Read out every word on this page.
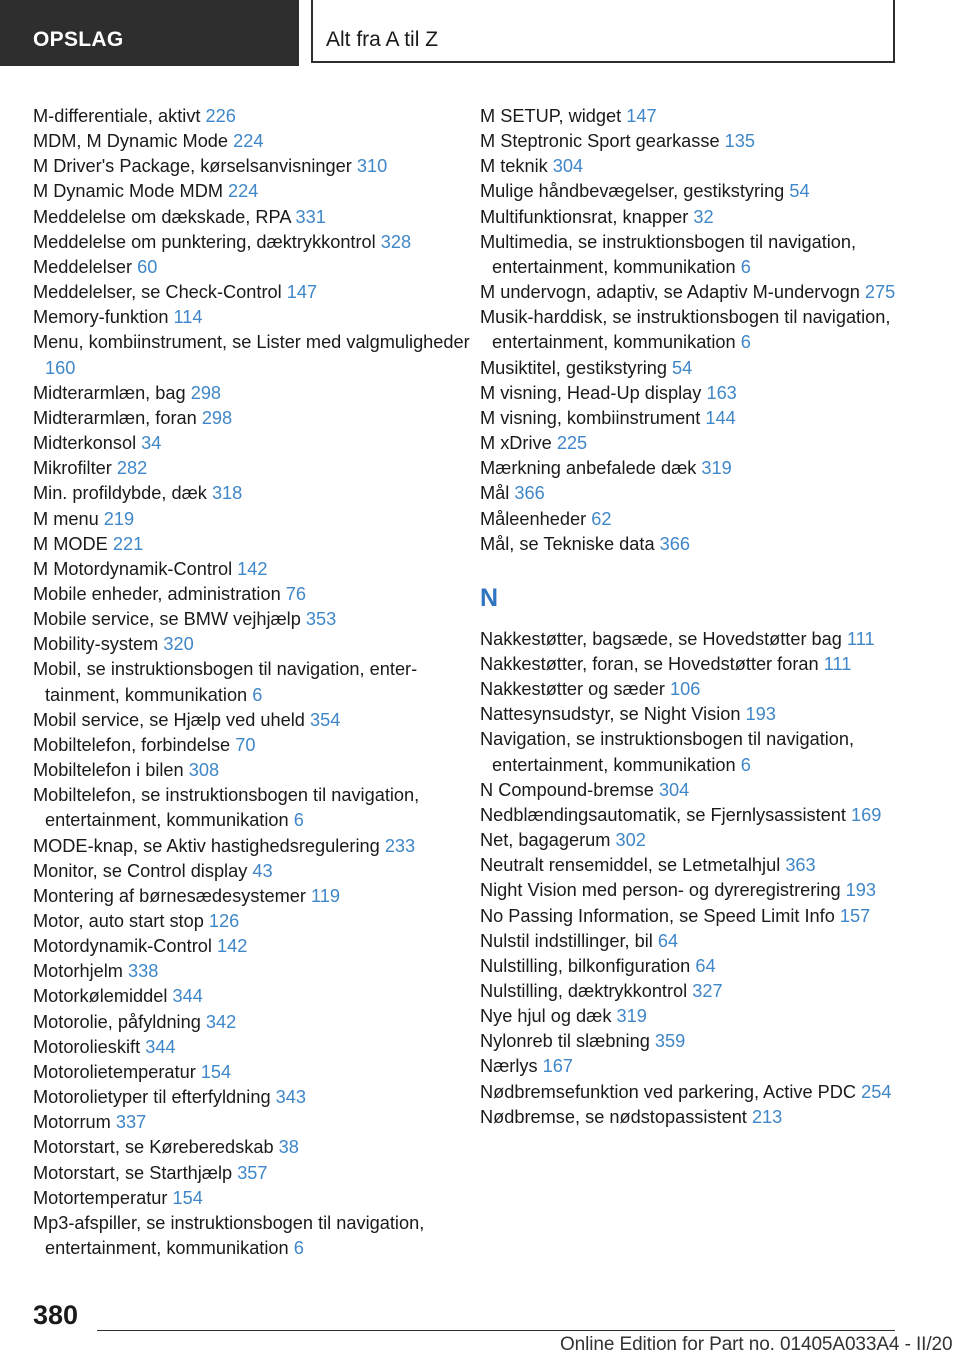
OPSLAG	Alt fra A til Z
M-differentiale, aktivt 226
MDM, M Dynamic Mode 224
M Driver's Package, kørselsanvisninger 310
M Dynamic Mode MDM 224
Meddelelse om dækskade, RPA 331
Meddelelse om punktering, dæktrykkontrol 328
Meddelelser 60
Meddelelser, se Check-Control 147
Memory-funktion 114
Menu, kombiinstrument, se Lister med valgmuligheder 160
Midterarmlæn, bag 298
Midterarmlæn, foran 298
Midterkonsol 34
Mikrofilter 282
Min. profildybde, dæk 318
M menu 219
M MODE 221
M Motordynamik-Control 142
Mobile enheder, administration 76
Mobile service, se BMW vejhjælp 353
Mobility-system 320
Mobil, se instruktionsbogen til navigation, entertainment, kommunikation 6
Mobil service, se Hjælp ved uheld 354
Mobiltelefon, forbindelse 70
Mobiltelefon i bilen 308
Mobiltelefon, se instruktionsbogen til navigation, entertainment, kommunikation 6
MODE-knap, se Aktiv hastighedsregulering 233
Monitor, se Control display 43
Montering af børnesædesystemer 119
Motor, auto start stop 126
Motordynamik-Control 142
Motorhjelm 338
Motorkølemiddel 344
Motorolie, påfyldning 342
Motorolieskift 344
Motorolietemperatur 154
Motorolietyper til efterfyldning 343
Motorrum 337
Motorstart, se Køreberedskab 38
Motorstart, se Starthjælp 357
Motortemperatur 154
Mp3-afspiller, se instruktionsbogen til navigation, entertainment, kommunikation 6
M SETUP, widget 147
M Steptronic Sport gearkasse 135
M teknik 304
Mulige håndbevægelser, gestikstyring 54
Multifunktionsrat, knapper 32
Multimedia, se instruktionsbogen til navigation, entertainment, kommunikation 6
M undervogn, adaptiv, se Adaptiv M-undervogn 275
Musik-harddisk, se instruktionsbogen til navigation, entertainment, kommunikation 6
Musiktitel, gestikstyring 54
M visning, Head-Up display 163
M visning, kombiinstrument 144
M xDrive 225
Mærkning anbefalede dæk 319
Mål 366
Måleenheder 62
Mål, se Tekniske data 366
N
Nakkestøtter, bagsæde, se Hovedstøtter bag 111
Nakkestøtter, foran, se Hovedstøtter foran 111
Nakkestøtter og sæder 106
Nattesynsudstyr, se Night Vision 193
Navigation, se instruktionsbogen til navigation, entertainment, kommunikation 6
N Compound-bremse 304
Nedblændingsautomatik, se Fjernlysassistent 169
Net, bagagerum 302
Neutralt rensemiddel, se Letmetalhjul 363
Night Vision med person- og dyreregistrering 193
No Passing Information, se Speed Limit Info 157
Nulstil indstillinger, bil 64
Nulstilling, bilkonfiguration 64
Nulstilling, dæktrykkontrol 327
Nye hjul og dæk 319
Nylonreb til slæbning 359
Nærlys 167
Nødbremsefunktion ved parkering, Active PDC 254
Nødbremse, se nødstopassistent 213
380
Online Edition for Part no. 01405A033A4 - II/20
